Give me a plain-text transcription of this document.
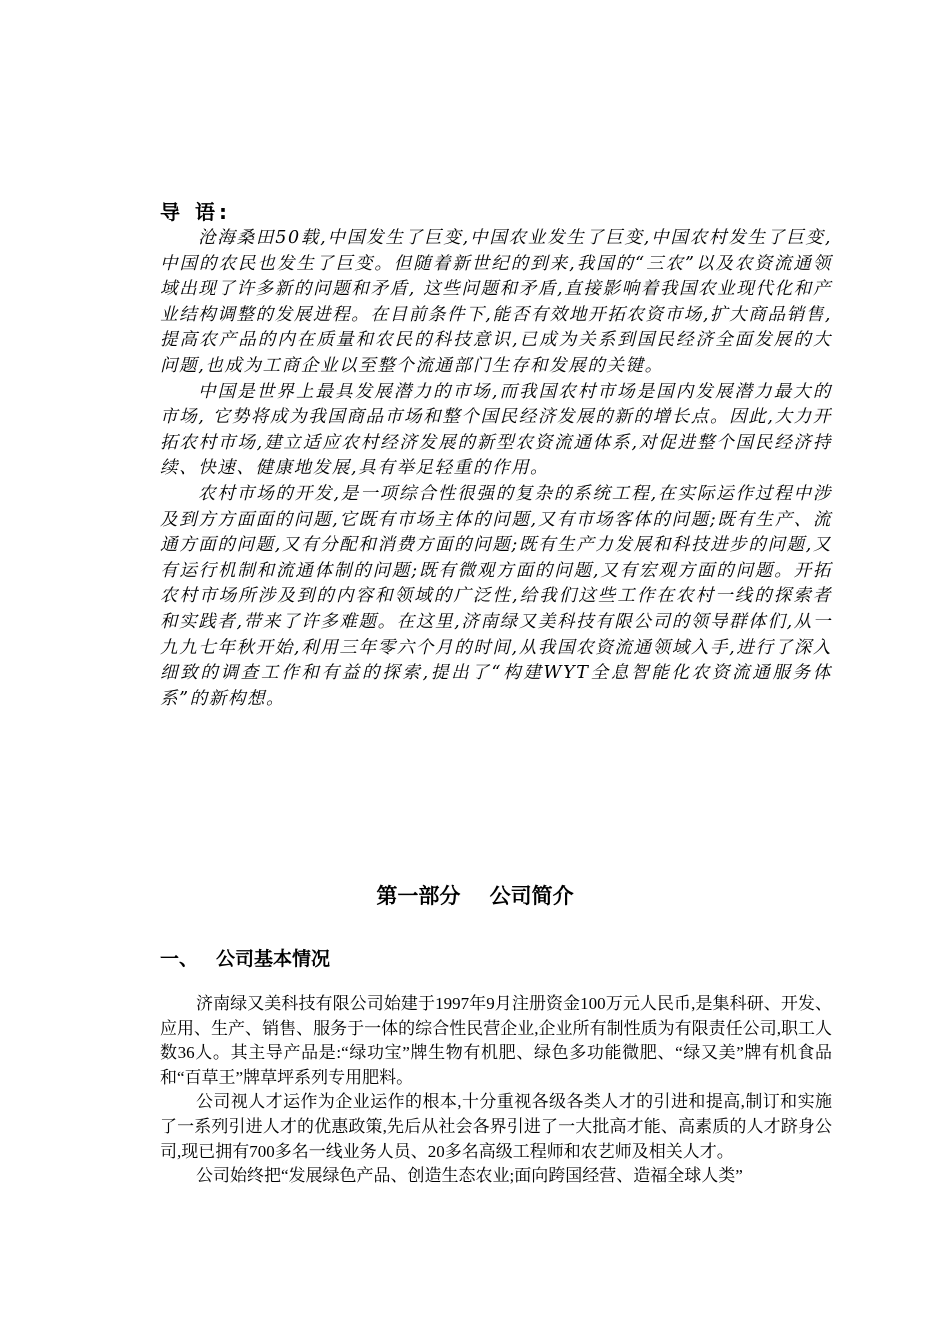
导 语:

沧海桑田50载,中国发生了巨变,中国农业发生了巨变,中国农村发生了巨变,中国的农民也发生了巨变。但随着新世纪的到来,我国的“三农”以及农资流通领域出现了许多新的问题和矛盾, 这些问题和矛盾,直接影响着我国农业现代化和产业结构调整的发展进程。在目前条件下,能否有效地开拓农资市场,扩大商品销售,提高农产品的内在质量和农民的科技意识,已成为关系到国民经济全面发展的大问题,也成为工商企业以至整个流通部门生存和发展的关键。

中国是世界上最具发展潜力的市场,而我国农村市场是国内发展潜力最大的市场, 它势将成为我国商品市场和整个国民经济发展的新的增长点。因此,大力开拓农村市场,建立适应农村经济发展的新型农资流通体系,对促进整个国民经济持续、快速、健康地发展,具有举足轻重的作用。

农村市场的开发,是一项综合性很强的复杂的系统工程,在实际运作过程中涉及到方方面面的问题,它既有市场主体的问题,又有市场客体的问题;既有生产、流通方面的问题,又有分配和消费方面的问题;既有生产力发展和科技进步的问题,又有运行机制和流通体制的问题;既有微观方面的问题,又有宏观方面的问题。开拓农村市场所涉及到的内容和领域的广泛性,给我们这些工作在农村一线的探索者和实践者,带来了许多难题。在这里,济南绿又美科技有限公司的领导群体们,从一九九七年秋开始,利用三年零六个月的时间,从我国农资流通领域入手,进行了深入细致的调查工作和有益的探索,提出了“构建WYT全息智能化农资流通服务体系”的新构想。

第一部分    公司简介
一、 公司基本情况

济南绿又美科技有限公司始建于1997年9月注册资金100万元人民币,是集科研、开发、应用、生产、销售、服务于一体的综合性民营企业,企业所有制性质为有限责任公司,职工人数36人。其主导产品是:“绿功宝”牌生物有机肥、绿色多功能微肥、“绿又美”牌有机食品和“百草王”牌草坪系列专用肥料。

公司视人才运作为企业运作的根本,十分重视各级各类人才的引进和提高,制订和实施了一系列引进人才的优惠政策,先后从社会各界引进了一大批高才能、高素质的人才跻身公司,现已拥有700多名一线业务人员、20多名高级工程师和农艺师及相关人才。

公司始终把“发展绿色产品、创造生态农业;面向跨国经营、造福全球人类”
